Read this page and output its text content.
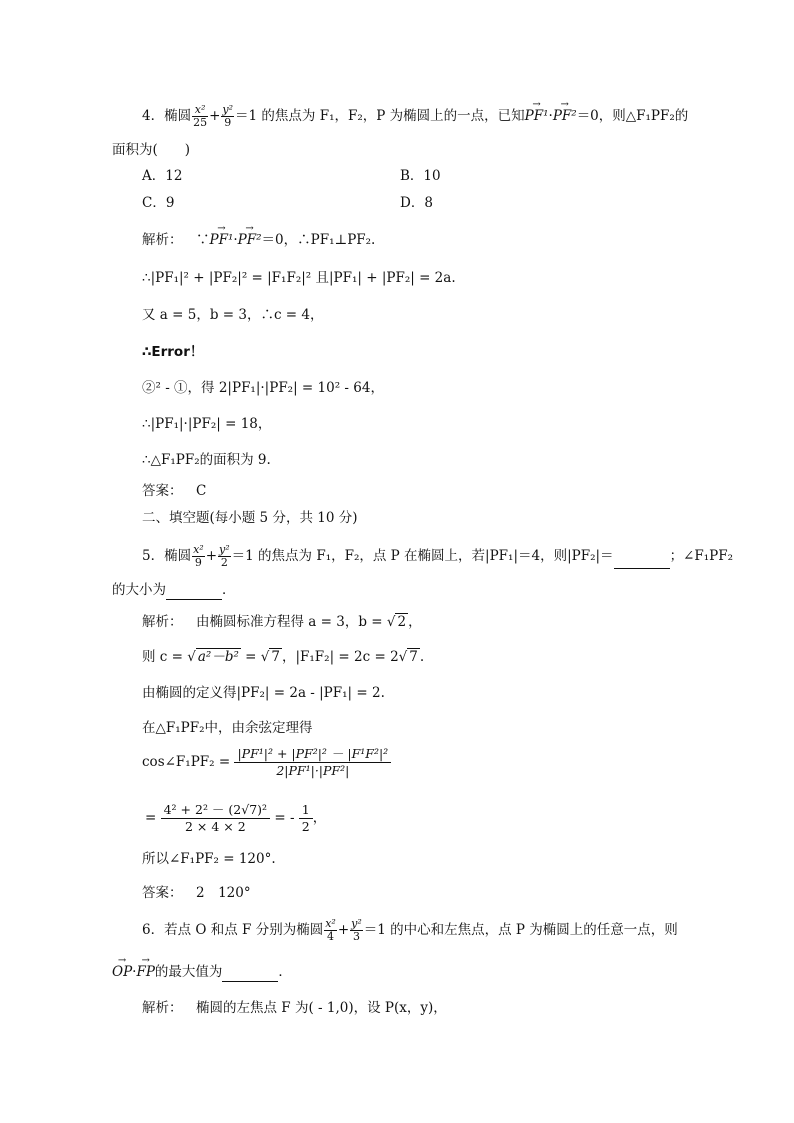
4．椭圆 $\frac{\text{x²}}{25} + \frac{\text{y²}}{9} =1$ 的焦点为 F₁，F₂，P 为椭圆上的一点，已知→ PF¹·→ PF²＝0，则△F₁PF₂的
面积为(　　)
A．12	B．10
C．9	D．8
解析：  ∵→ PF¹·→ PF²＝0，∴PF₁⊥PF₂.
∴|PF₁|² + |PF₂|² = |F₁F₂|² 且|PF₁| + |PF₂| = 2a.
又 a = 5，b = 3，∴c = 4，
∴Error！
②² - ①，得 2|PF₁|·|PF₂| = 10² - 64，
∴|PF₁|·|PF₂| = 18，
∴△F₁PF₂的面积为 9.
答案：  C
二、填空题(每小题 5 分，共 10 分)
5．椭圆 $\frac{\text{x²}}{9} + \frac{\text{y²}}{2} =1$ 的焦点为 F₁，F₂，点 P 在椭圆上，若|PF₁|＝4，则|PF₂|＝	；∠F₁PF₂
的大小为	．
解析：  由椭圆标准方程得 a = 3，b = √ 2 ，
则 c = √ a²－b² = √ 7 ，|F₁F₂| = 2c = 2√ 7 .
由椭圆的定义得|PF₂| = 2a - |PF₁| = 2.
在△F₁PF₂中，由余弦定理得
cos∠F₁PF₂ = $\frac{\text{|PF¹|² + |PF²|² － |F¹F²|²}}{\text{2|PF¹|·|PF²|}}$
= $\frac{\text{4² + 2² － (2√7)²}}{2 \times 4 \times 2}$ = - $\frac{1}{2}$ ，
所以∠F₁PF₂ = 120°.
答案：  2　120°
6．若点 O 和点 F 分别为椭圆 $\frac{\text{x²}}{4} + \frac{\text{y²}}{3} =1$ 的中心和左焦点，点 P 为椭圆上的任意一点，则
→ OP·→ FP的最大值为	．
解析：  椭圆的左焦点 F 为( - 1,0)，设 P(x，y)，
